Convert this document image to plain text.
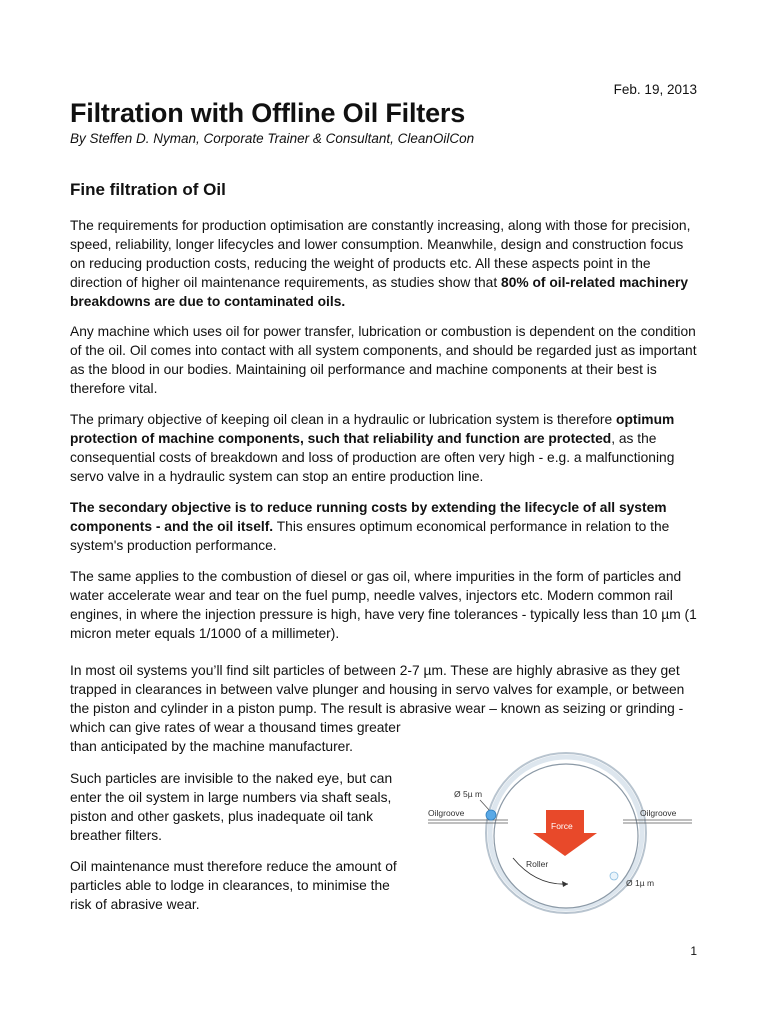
Feb. 19, 2013
Filtration with Offline Oil Filters
By Steffen D. Nyman, Corporate Trainer & Consultant, CleanOilCon
Fine filtration of Oil

The requirements for production optimisation are constantly increasing, along with those for precision, speed, reliability, longer lifecycles and lower consumption. Meanwhile, design and construction focus on reducing production costs, reducing the weight of products etc. All these aspects point in the direction of higher oil maintenance requirements, as studies show that 80% of oil-related machinery breakdowns are due to contaminated oils.

Any machine which uses oil for power transfer, lubrication or combustion is dependent on the condition of the oil. Oil comes into contact with all system components, and should be regarded just as important as the blood in our bodies. Maintaining oil performance and machine components at their best is therefore vital.

The primary objective of keeping oil clean in a hydraulic or lubrication system is therefore optimum protection of machine components, such that reliability and function are protected, as the consequential costs of breakdown and loss of production are often very high - e.g. a malfunctioning servo valve in a hydraulic system can stop an entire production line.

The secondary objective is to reduce running costs by extending the lifecycle of all system components - and the oil itself. This ensures optimum economical performance in relation to the system's production performance.

The same applies to the combustion of diesel or gas oil, where impurities in the form of particles and water accelerate wear and tear on the fuel pump, needle valves, injectors etc. Modern common rail engines, in where the injection pressure is high, have very fine tolerances - typically less than 10 µm (1 micron meter equals 1/1000 of a millimeter).

In most oil systems you’ll find silt particles of between 2-7 µm. These are highly abrasive as they get trapped in clearances in between valve plunger and housing in servo valves for example, or between the piston and cylinder in a piston pump. The result is abrasive wear – known as seizing or grinding -

which can give rates of wear a thousand times greater than anticipated by the machine manufacturer.

Such particles are invisible to the naked eye, but can enter the oil system in large numbers via shaft seals, piston and other gaskets, plus inadequate oil tank breather filters.

Oil maintenance must therefore reduce the amount of particles able to lodge in clearances, to minimise the risk of abrasive wear.

Force
Ø 5µ m
Oilgroove	Oilgroove
Roller
Ø 1µ m
1
